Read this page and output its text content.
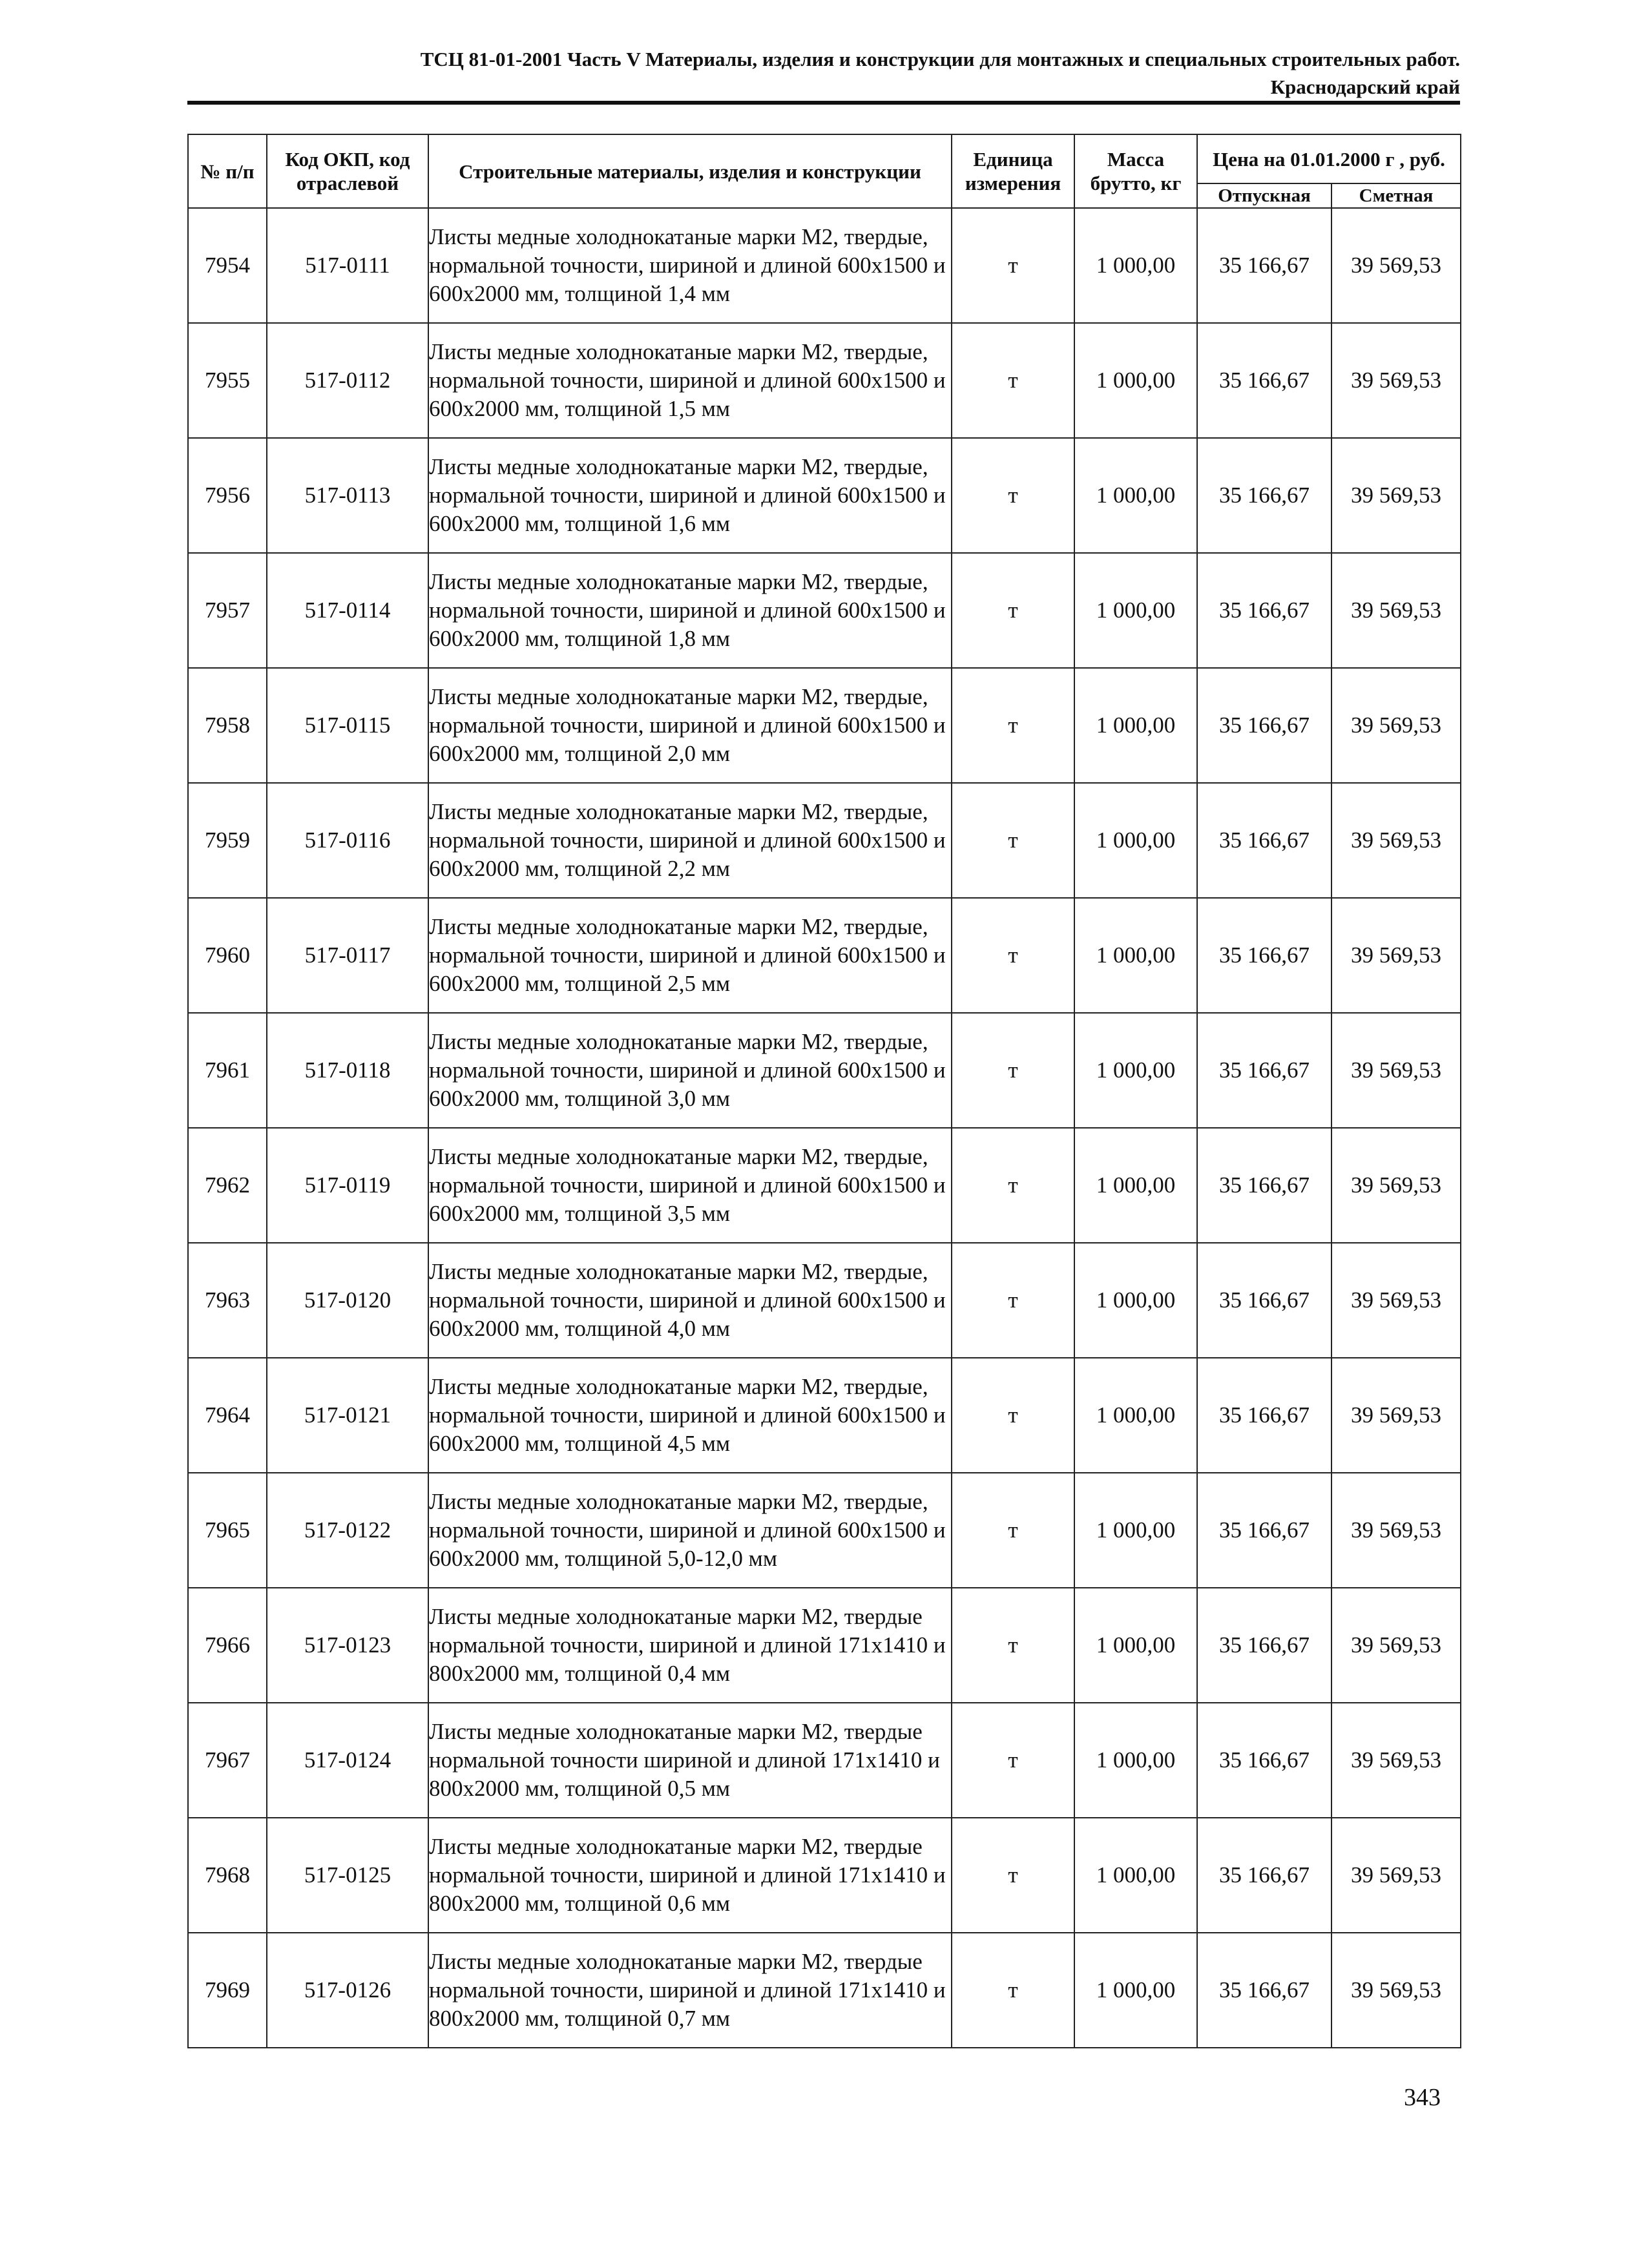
ТСЦ 81-01-2001 Часть V Материалы, изделия и конструкции для монтажных и специальных строительных работ.
Краснодарский край
№ п/п	Код ОКП, код отраслевой	Строительные материалы, изделия и конструкции	Единица измерения	Масса брутто, кг	Цена на 01.01.2000 г , руб.	
					Отпускная	Сметная
7954	517-0111	Листы медные холоднокатаные марки М2, твердые, нормальной точности, шириной и длиной 600х1500 и 600х2000 мм, толщиной 1,4 мм	т	1 000,00	35 166,67	39 569,53
7955	517-0112	Листы медные холоднокатаные марки М2, твердые, нормальной точности, шириной и длиной 600х1500 и 600х2000 мм, толщиной 1,5 мм	т	1 000,00	35 166,67	39 569,53
7956	517-0113	Листы медные холоднокатаные марки М2, твердые, нормальной точности, шириной и длиной 600х1500 и 600х2000 мм, толщиной 1,6 мм	т	1 000,00	35 166,67	39 569,53
7957	517-0114	Листы медные холоднокатаные марки М2, твердые, нормальной точности, шириной и длиной 600х1500 и 600х2000 мм, толщиной 1,8 мм	т	1 000,00	35 166,67	39 569,53
7958	517-0115	Листы медные холоднокатаные марки М2, твердые, нормальной точности, шириной и длиной 600х1500 и 600х2000 мм, толщиной 2,0 мм	т	1 000,00	35 166,67	39 569,53
7959	517-0116	Листы медные холоднокатаные марки М2, твердые, нормальной точности, шириной и длиной 600х1500 и 600х2000 мм, толщиной 2,2 мм	т	1 000,00	35 166,67	39 569,53
7960	517-0117	Листы медные холоднокатаные марки М2, твердые, нормальной точности, шириной и длиной 600х1500 и 600х2000 мм, толщиной 2,5 мм	т	1 000,00	35 166,67	39 569,53
7961	517-0118	Листы медные холоднокатаные марки М2, твердые, нормальной точности, шириной и длиной 600х1500 и 600х2000 мм, толщиной 3,0 мм	т	1 000,00	35 166,67	39 569,53
7962	517-0119	Листы медные холоднокатаные марки М2, твердые, нормальной точности, шириной и длиной 600х1500 и 600х2000 мм, толщиной 3,5 мм	т	1 000,00	35 166,67	39 569,53
7963	517-0120	Листы медные холоднокатаные марки М2, твердые, нормальной точности, шириной и длиной 600х1500 и 600х2000 мм, толщиной 4,0 мм	т	1 000,00	35 166,67	39 569,53
7964	517-0121	Листы медные холоднокатаные марки М2, твердые, нормальной точности, шириной и длиной 600х1500 и 600х2000 мм, толщиной 4,5 мм	т	1 000,00	35 166,67	39 569,53
7965	517-0122	Листы медные холоднокатаные марки М2, твердые, нормальной точности, шириной и длиной 600х1500 и 600х2000 мм, толщиной 5,0-12,0 мм	т	1 000,00	35 166,67	39 569,53
7966	517-0123	Листы медные холоднокатаные марки М2, твердые нормальной точности, шириной и длиной 171х1410 и 800х2000 мм, толщиной 0,4 мм	т	1 000,00	35 166,67	39 569,53
7967	517-0124	Листы медные холоднокатаные марки М2, твердые нормальной точности шириной и длиной 171х1410 и 800х2000 мм, толщиной 0,5 мм	т	1 000,00	35 166,67	39 569,53
7968	517-0125	Листы медные холоднокатаные марки М2, твердые нормальной точности, шириной и длиной 171х1410 и 800х2000 мм, толщиной 0,6 мм	т	1 000,00	35 166,67	39 569,53
7969	517-0126	Листы медные холоднокатаные марки М2, твердые нормальной точности, шириной и длиной 171х1410 и 800х2000 мм, толщиной 0,7 мм	т	1 000,00	35 166,67	39 569,53
343
